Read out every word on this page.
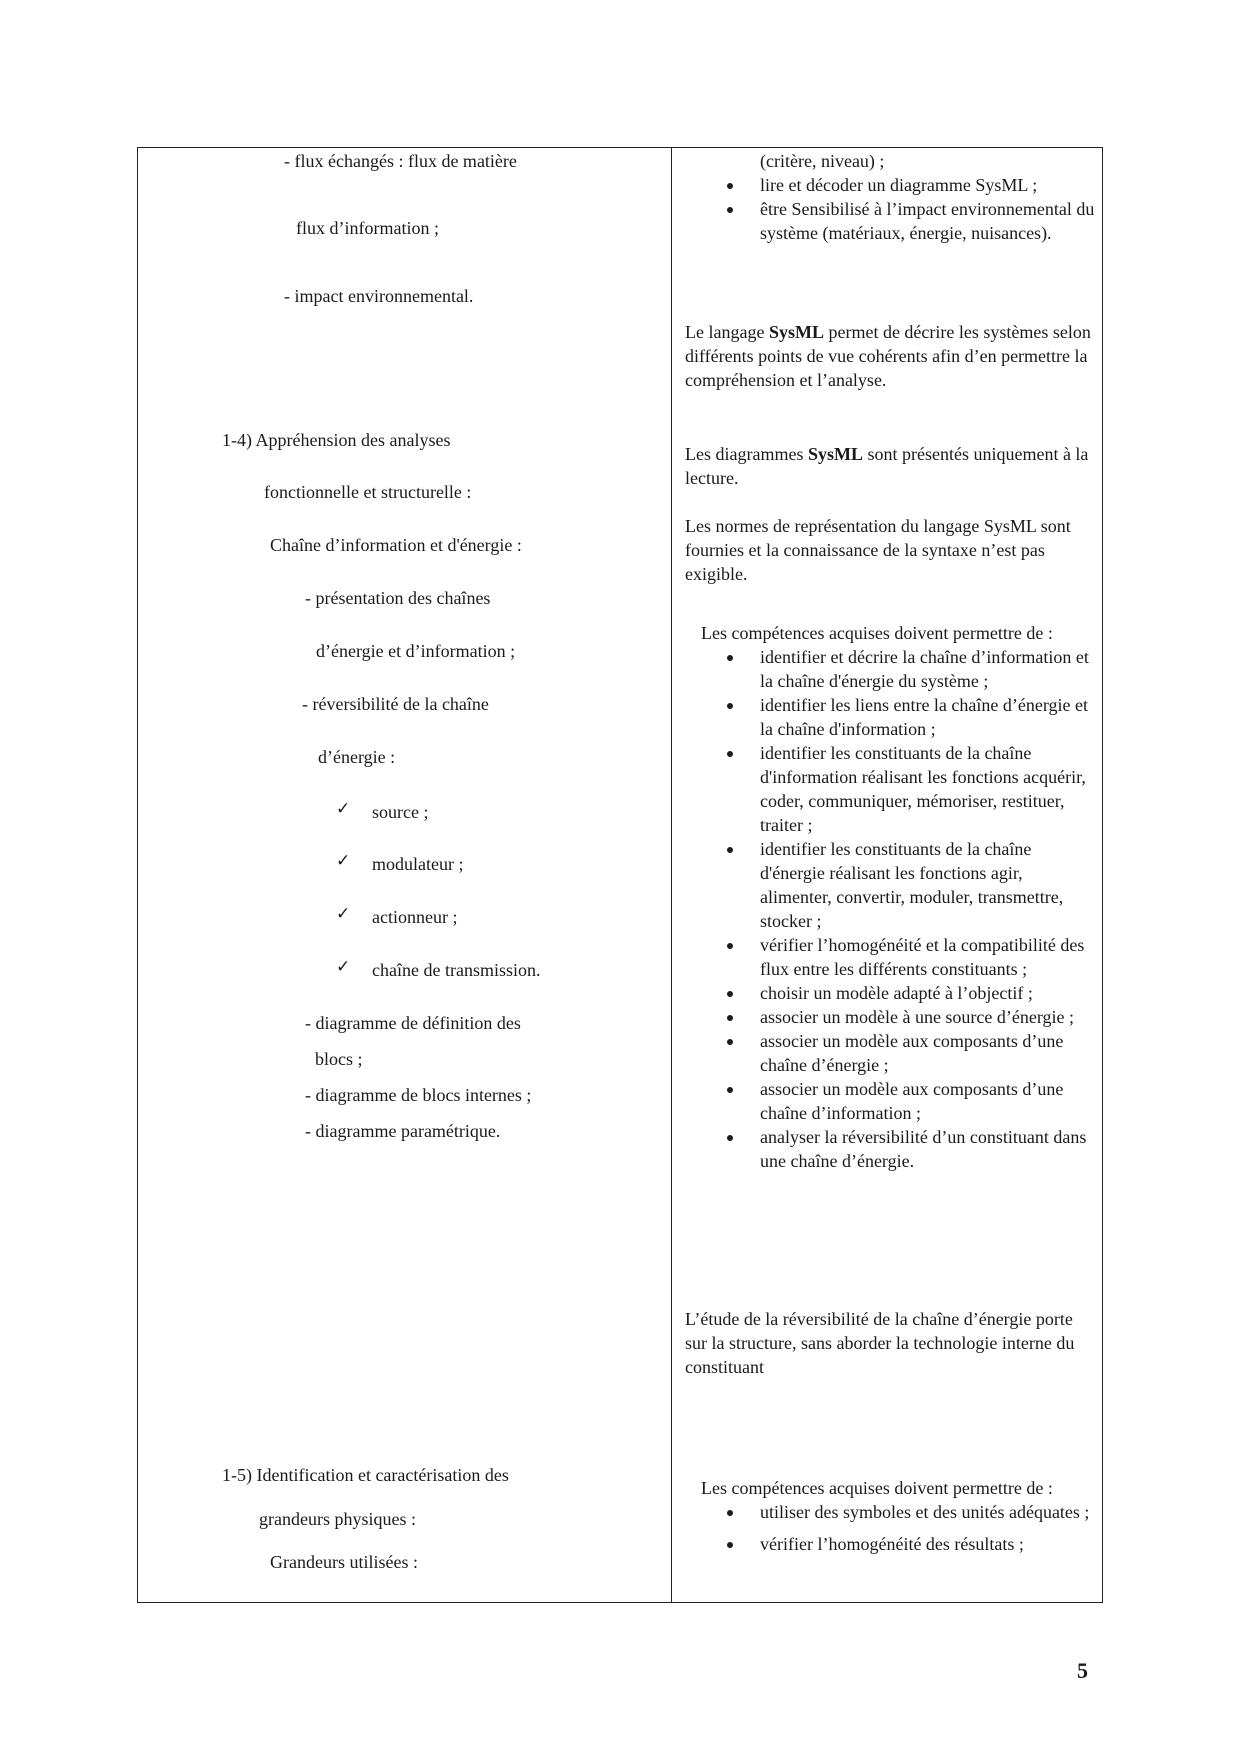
- flux échangés : flux de matière
flux d’information ;
- impact environnemental.
1-4) Appréhension des analyses
fonctionnelle et structurelle :
Chaîne d’information et d'énergie :
- présentation des chaînes
d’énergie et d’information ;
- réversibilité de la chaîne
d’énergie :
✓ source ;
✓ modulateur ;
✓ actionneur ;
✓ chaîne de transmission.
- diagramme de définition des
blocs ;
- diagramme de blocs internes ;
- diagramme paramétrique.
1-5) Identification et caractérisation des
grandeurs physiques :
Grandeurs utilisées :

(critère, niveau) ;

lire et décoder un diagramme SysML ;
être Sensibilisé à l’impact environnemental du système (matériaux, énergie, nuisances).

Le langage SysML permet de décrire les systèmes selon différents points de vue cohérents afin d’en permettre la compréhension et l’analyse.

Les diagrammes SysML sont présentés uniquement à la lecture.

Les normes de représentation du langage SysML sont fournies et la connaissance de la syntaxe n’est pas exigible.

Les compétences acquises doivent permettre de :

identifier et décrire la chaîne d’information et la chaîne d'énergie du système ;
identifier les liens entre la chaîne d’énergie et la chaîne d'information ;
identifier les constituants de la chaîne d'information réalisant les fonctions acquérir, coder, communiquer, mémoriser, restituer, traiter ;
identifier les constituants de la chaîne d'énergie réalisant les fonctions agir, alimenter, convertir, moduler, transmettre, stocker ;
vérifier l’homogénéité et la compatibilité des flux entre les différents constituants ;
choisir un modèle adapté à l’objectif ;
associer un modèle à une source d’énergie ;
associer un modèle aux composants d’une chaîne d’énergie ;
associer un modèle aux composants d’une chaîne d’information ;
analyser la réversibilité d’un constituant dans une chaîne d’énergie.
L’étude de la réversibilité de la chaîne d’énergie porte sur la structure, sans aborder la technologie interne du constituant

Les compétences acquises doivent permettre de :

utiliser des symboles et des unités adéquates ;
vérifier l’homogénéité des résultats ;
5
